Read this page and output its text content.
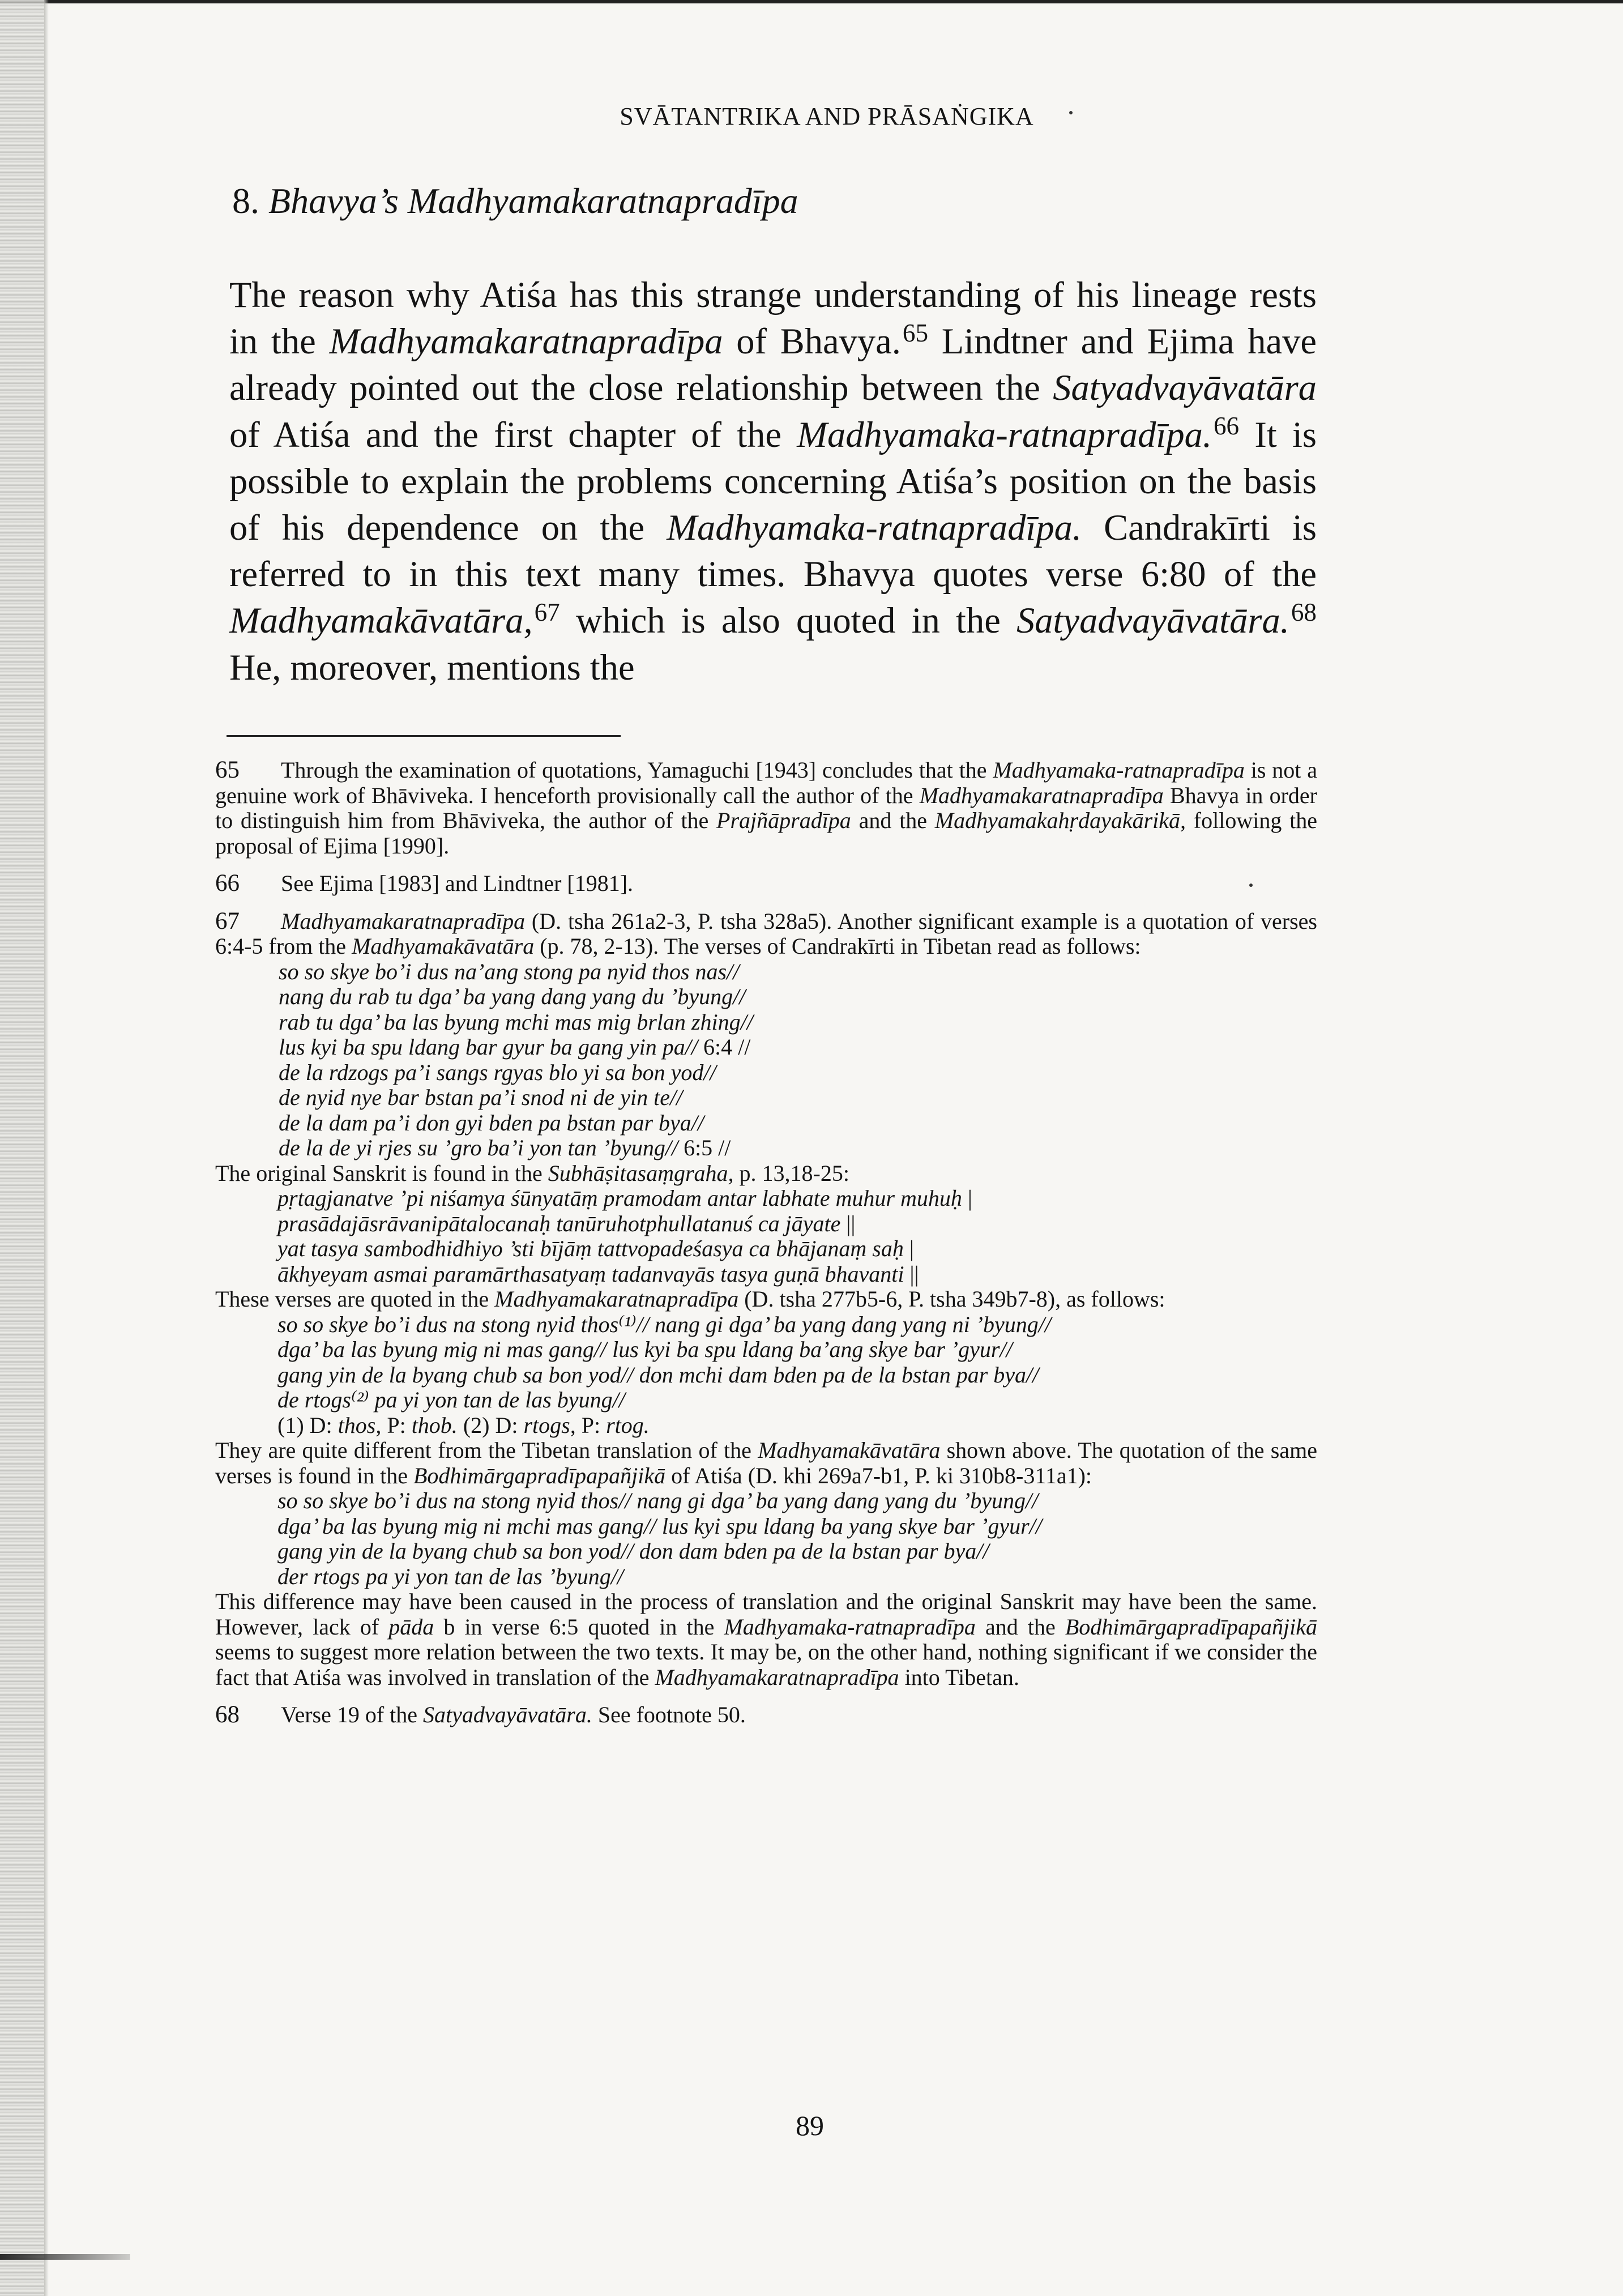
SVĀTANTRIKA AND PRĀSAṄGIKA
8. Bhavya’s Madhyamakaratnapradīpa
The reason why Atiśa has this strange understanding of his lineage rests in the Madhyamakaratnapradīpa of Bhavya.$^{65}$ Lindtner and Ejima have already pointed out the close relationship between the Satyadvayāvatāra of Atiśa and the first chapter of the Madhyamaka-ratnapradīpa.$^{66}$ It is possible to explain the problems concerning Atiśa’s position on the basis of his dependence on the Madhyamaka-ratnapradīpa. Candrakīrti is referred to in this text many times. Bhavya quotes verse 6:80 of the Madhyamakāvatāra,$^{67}$ which is also quoted in the Satyadvayāvatāra.$^{68}$ He, moreover, mentions the

65 Through the examination of quotations, Yamaguchi [1943] concludes that the Madhyamaka-ratnapradīpa is not a genuine work of Bhāviveka. I henceforth provisionally call the author of the Madhyamakaratnapradīpa Bhavya in order to distinguish him from Bhāviveka, the author of the Prajñāpradīpa and the Madhyamakahṛdayakārikā, following the proposal of Ejima [1990].

66 See Ejima [1983] and Lindtner [1981].

67 Madhyamakaratnapradīpa (D. tsha 261a2-3, P. tsha 328a5). Another significant example is a quotation of verses 6:4-5 from the Madhyamakāvatāra (p. 78, 2-13). The verses of Candrakīrti in Tibetan read as follows:

so so skye bo’i dus na’ang stong pa nyid thos nas//
nang du rab tu dga’ ba yang dang yang du ’byung//
rab tu dga’ ba las byung mchi mas mig brlan zhing//
lus kyi ba spu ldang bar gyur ba gang yin pa// 6:4 //
de la rdzogs pa’i sangs rgyas blo yi sa bon yod//
de nyid nye bar bstan pa’i snod ni de yin te//
de la dam pa’i don gyi bden pa bstan par bya//
de la de yi rjes su ’gro ba’i yon tan ’byung// 6:5 //

The original Sanskrit is found in the Subhāṣitasaṃgraha, p. 13,18-25:

pṛtagjanatve ’pi niśamya śūnyatāṃ pramodam antar labhate muhur muhuḥ |
prasādajāsrāvanipātalocanaḥ tanūruhotphullatanuś ca jāyate ||
yat tasya sambodhidhiyo ’sti bījāṃ tattvopadeśasya ca bhājanaṃ saḥ |
ākhyeyam asmai paramārthasatyaṃ tadanvayās tasya guṇā bhavanti ||

These verses are quoted in the Madhyamakaratnapradīpa (D. tsha 277b5-6, P. tsha 349b7-8), as follows:

so so skye bo’i dus na stong nyid thos⁽¹⁾// nang gi dga’ ba yang dang yang ni ’byung//
dga’ ba las byung mig ni mas gang// lus kyi ba spu ldang ba’ang skye bar ’gyur//
gang yin de la byang chub sa bon yod// don mchi dam bden pa de la bstan par bya//
de rtogs⁽²⁾ pa yi yon tan de las byung//
(1) D: thos, P: thob. (2) D: rtogs, P: rtog.

They are quite different from the Tibetan translation of the Madhyamakāvatāra shown above. The quotation of the same verses is found in the Bodhimārgapradīpapañjikā of Atiśa (D. khi 269a7-b1, P. ki 310b8-311a1):

so so skye bo’i dus na stong nyid thos// nang gi dga’ ba yang dang yang du ’byung//
dga’ ba las byung mig ni mchi mas gang// lus kyi spu ldang ba yang skye bar ’gyur//
gang yin de la byang chub sa bon yod// don dam bden pa de la bstan par bya//
der rtogs pa yi yon tan de las ’byung//

This difference may have been caused in the process of translation and the original Sanskrit may have been the same. However, lack of pāda b in verse 6:5 quoted in the Madhyamaka-ratnapradīpa and the Bodhimārgapradīpapañjikā seems to suggest more relation between the two texts. It may be, on the other hand, nothing significant if we consider the fact that Atiśa was involved in translation of the Madhyamakaratnapradīpa into Tibetan.

68 Verse 19 of the Satyadvayāvatāra. See footnote 50.

89
